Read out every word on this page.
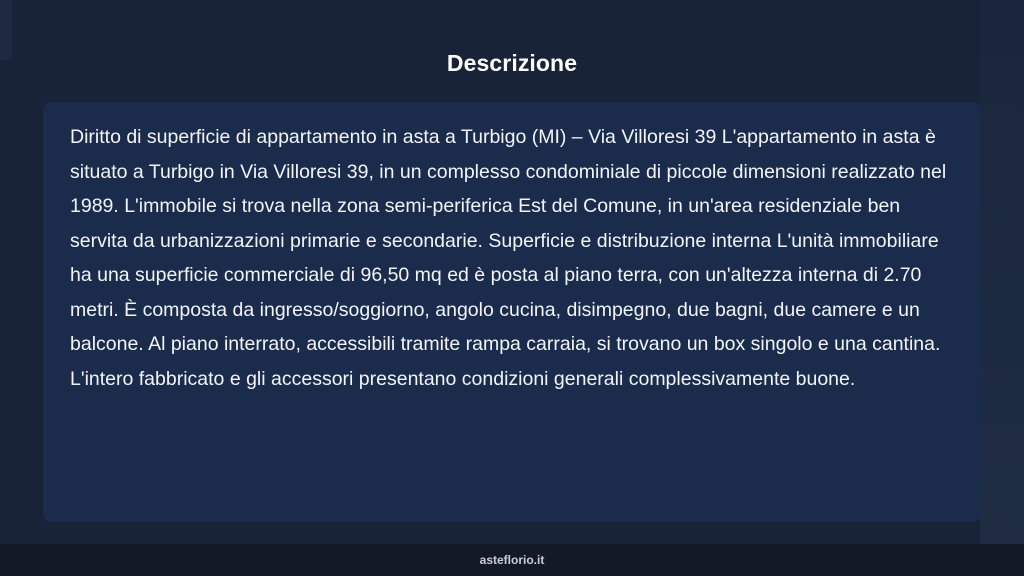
Descrizione

Diritto di superficie di appartamento in asta a Turbigo (MI) – Via Villoresi 39 L'appartamento in asta è situato a Turbigo in Via Villoresi 39, in un complesso condominiale di piccole dimensioni realizzato nel 1989. L'immobile si trova nella zona semi-periferica Est del Comune, in un'area residenziale ben servita da urbanizzazioni primarie e secondarie. Superficie e distribuzione interna L'unità immobiliare ha una superficie commerciale di 96,50 mq ed è posta al piano terra, con un'altezza interna di 2.70 metri. È composta da ingresso/soggiorno, angolo cucina, disimpegno, due bagni, due camere e un balcone. Al piano interrato, accessibili tramite rampa carraia, si trovano un box singolo e una cantina. L'intero fabbricato e gli accessori presentano condizioni generali complessivamente buone.

asteflorio.it
